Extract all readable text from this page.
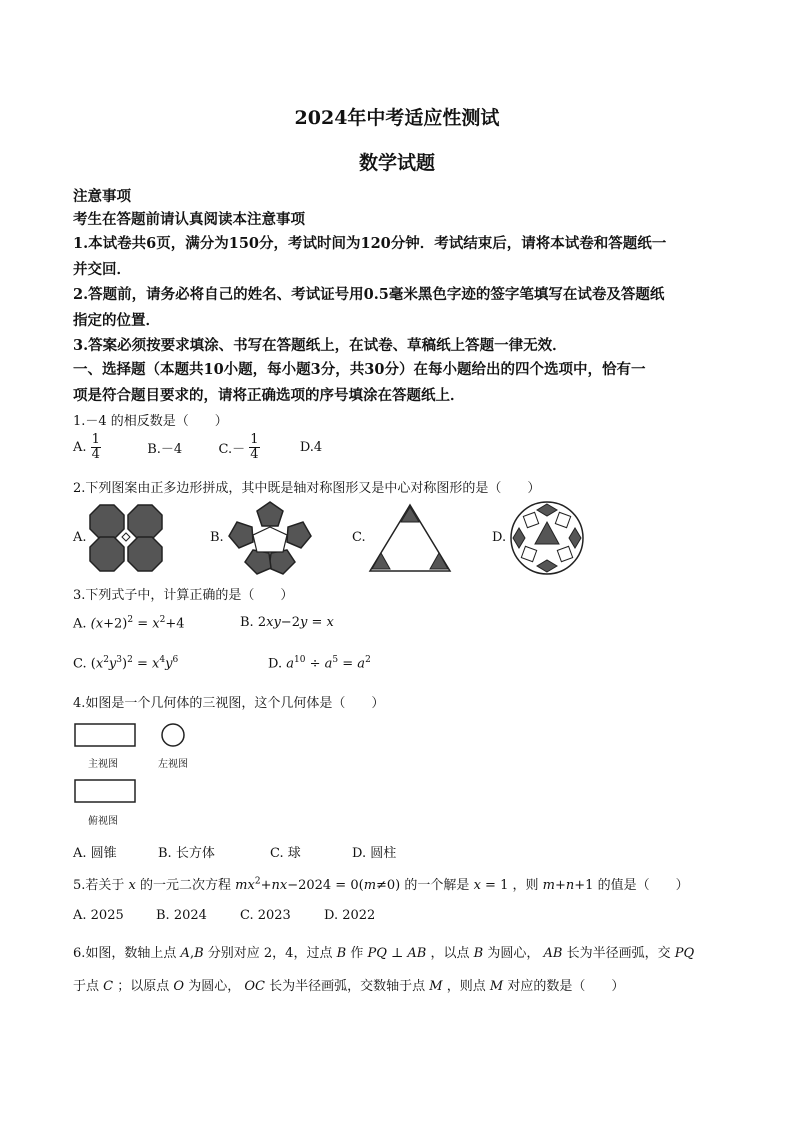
2024年中考适应性测试
数学试题
注意事项
考生在答题前请认真阅读本注意事项
1.本试卷共6页，满分为150分，考试时间为120分钟．考试结束后，请将本试卷和答题纸一
并交回．
2.答题前，请务必将自己的姓名、考试证号用0.5毫米黑色字迹的签字笔填写在试卷及答题纸
指定的位置．
3.答案必须按要求填涂、书写在答题纸上，在试卷、草稿纸上答题一律无效．
一、选择题（本题共10小题，每小题3分，共30分）在每小题给出的四个选项中，恰有一
项是符合题目要求的，请将正确选项的序号填涂在答题纸上．
1.－4 的相反数是（　　）
A. $\frac{1}{4}$	B.－4	$C.- \frac{1}{4}$	D.4
2.下列图案由正多边形拼成，其中既是轴对称图形又是中心对称图形的是（　　）
A.	B.	C.	D.
3.下列式子中，计算正确的是（　　）
A. $(x+2)^2 = x^2+4$	B. 2xy−2y = x
C. $(x^2y^3)^2 = x^4y^6$	D. $a^{10} \div a^5 = a^2$
4.如图是一个几何体的三视图，这个几何体是（　　）
主视图	左视图
俯视图
A. 圆锥	B. 长方体	C. 球	D. 圆柱
5.若关于 x 的一元二次方程 $mx^2+nx-2024 = 0(m\ne 0)$ 的一个解是 x = 1 ，则 m+n+1 的值是（　　）
A. 2025 B. 2024	C. 2023	D. 2022
6.如图，数轴上点 A,B 分别对应 2，4，过点 B 作 PQ ⊥ AB ，以点 B 为圆心， AB 长为半径画弧，交 PQ
于点 C ；以原点 O 为圆心， OC 长为半径画弧，交数轴于点 M ，则点 M 对应的数是（　　）
